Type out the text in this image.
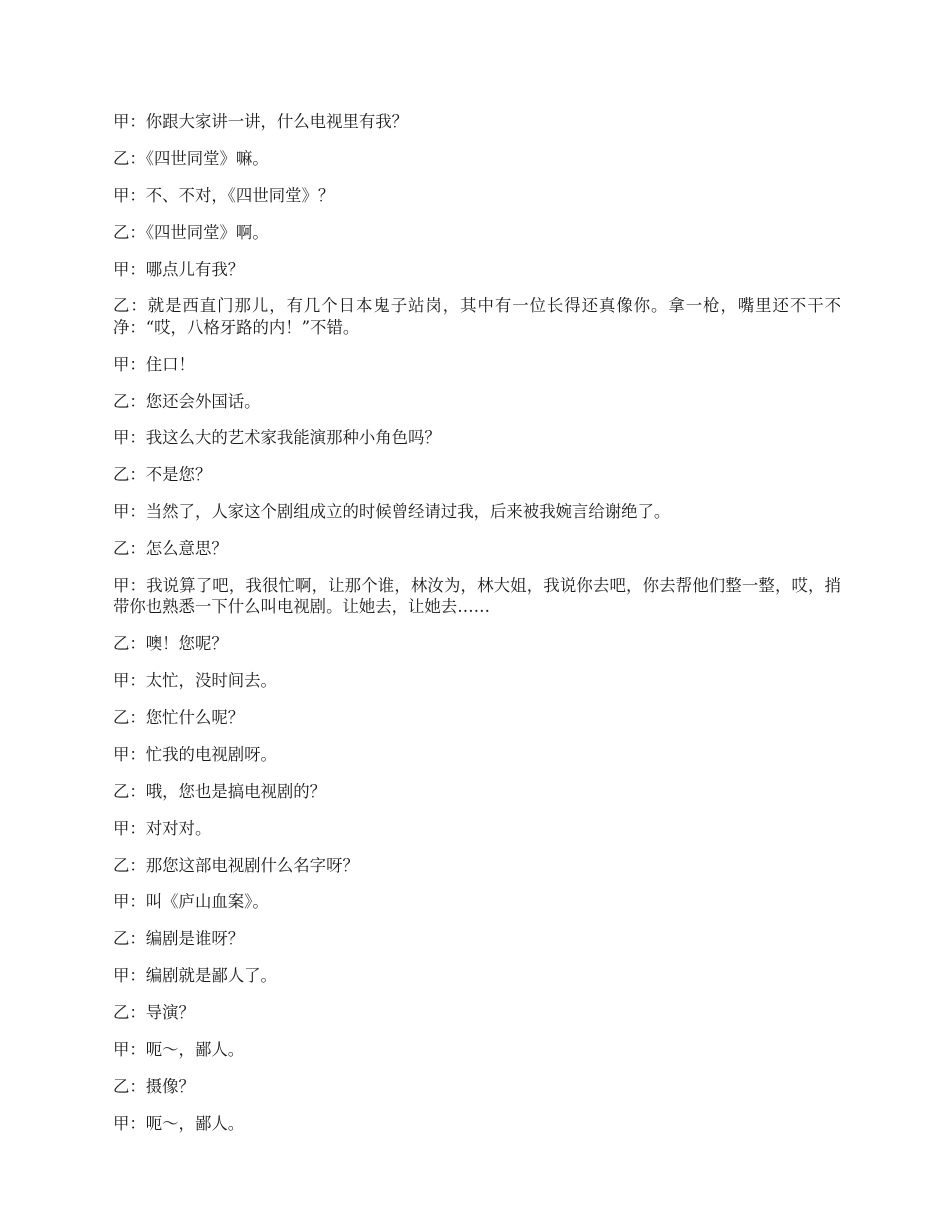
甲：你跟大家讲一讲，什么电视里有我？

乙：《四世同堂》嘛。

甲：不、不对，《四世同堂》？

乙：《四世同堂》啊。

甲：哪点儿有我？

乙：就是西直门那儿，有几个日本鬼子站岗，其中有一位长得还真像你。拿一枪，嘴里还不干不净：“哎，八格牙路的内！”不错。

甲：住口！

乙：您还会外国话。

甲：我这么大的艺术家我能演那种小角色吗？

乙：不是您？

甲：当然了，人家这个剧组成立的时候曾经请过我，后来被我婉言给谢绝了。

乙：怎么意思？

甲：我说算了吧，我很忙啊，让那个谁，林汝为，林大姐，我说你去吧，你去帮他们整一整，哎，捎带你也熟悉一下什么叫电视剧。让她去，让她去……

乙：噢！您呢？

甲：太忙，没时间去。

乙：您忙什么呢？

甲：忙我的电视剧呀。

乙：哦，您也是搞电视剧的？

甲：对对对。

乙：那您这部电视剧什么名字呀？

甲：叫《庐山血案》。

乙：编剧是谁呀？

甲：编剧就是鄙人了。

乙：导演？

甲：呃～，鄙人。

乙：摄像？

甲：呃～，鄙人。
